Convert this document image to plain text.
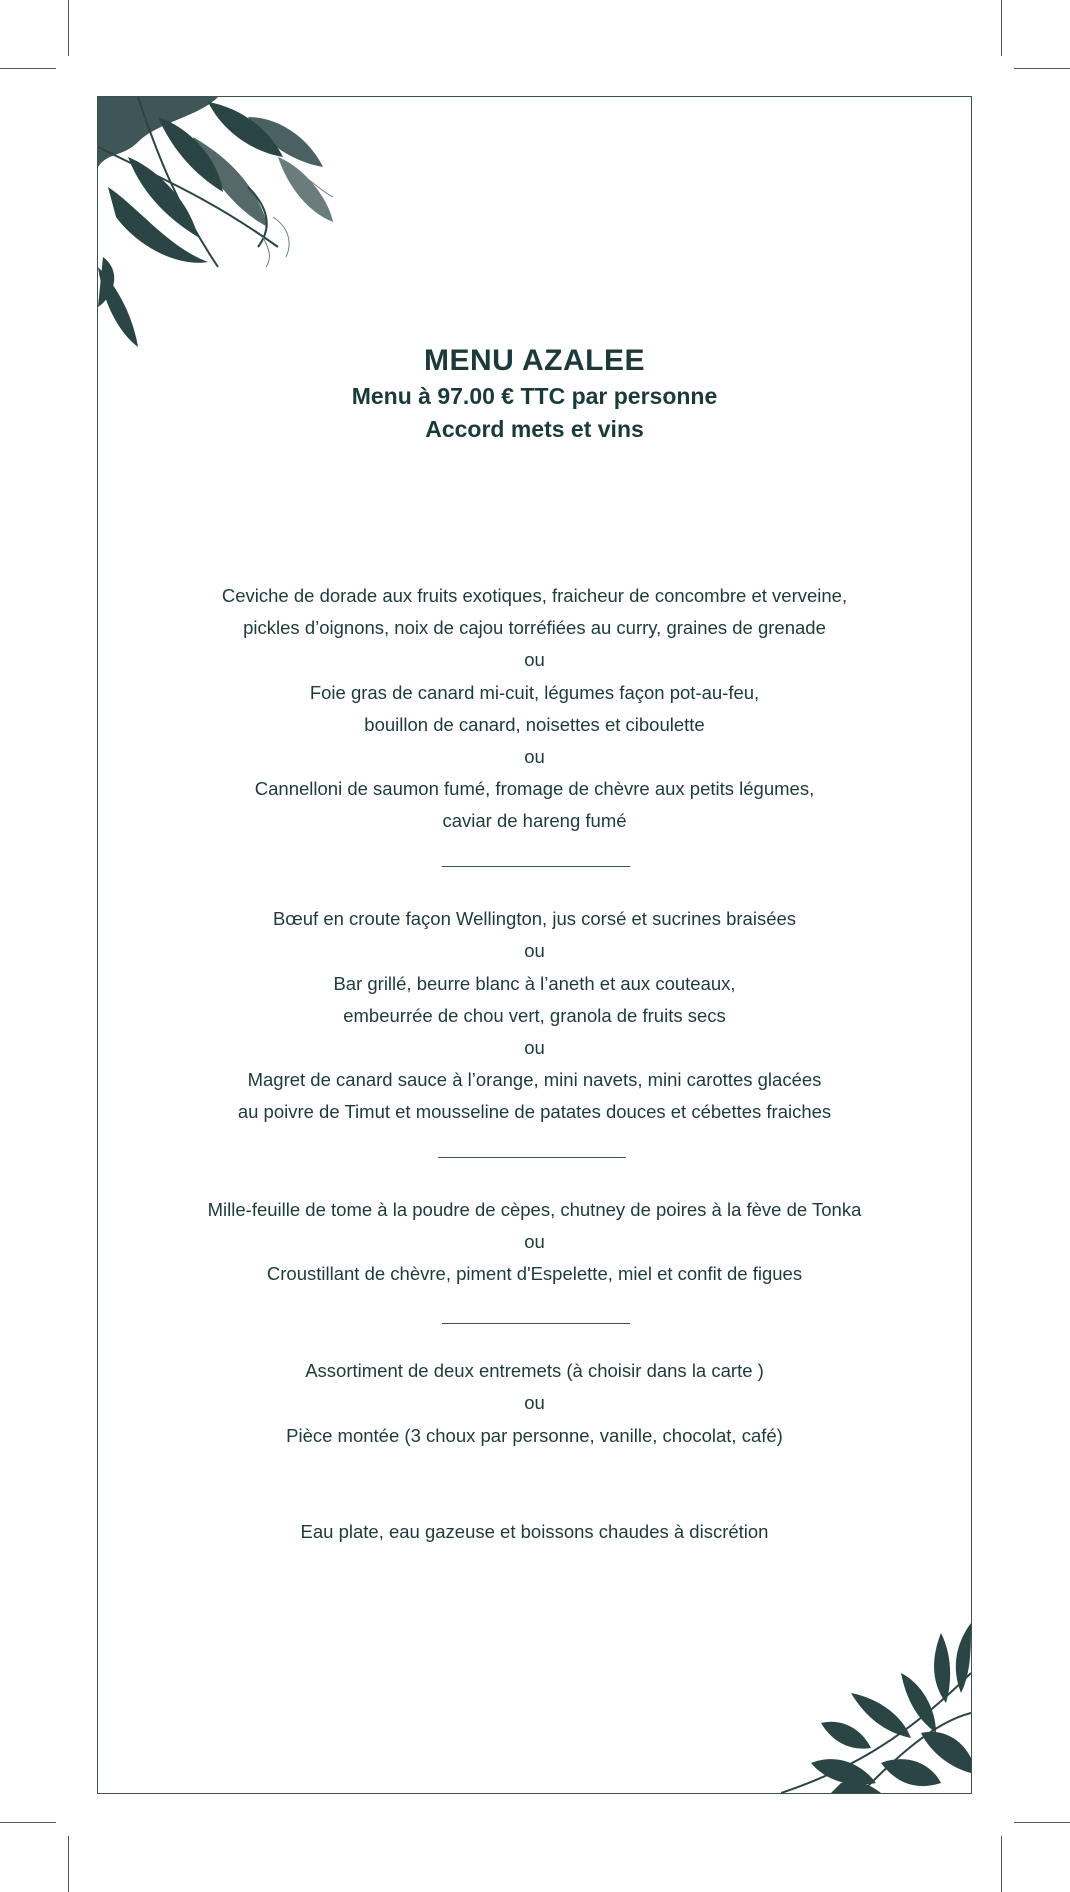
MENU AZALEE
Menu à 97.00 € TTC par personne
Accord mets et vins
Ceviche de dorade aux fruits exotiques, fraicheur de concombre et verveine,
pickles d’oignons, noix de cajou torréfiées au curry, graines de grenade
ou
Foie gras de canard mi-cuit, légumes façon pot-au-feu,
bouillon de canard, noisettes et ciboulette
ou
Cannelloni de saumon fumé, fromage de chèvre aux petits légumes,
caviar de hareng fumé
Bœuf en croute façon Wellington, jus corsé et sucrines braisées
ou
Bar grillé, beurre blanc à l’aneth et aux couteaux,
embeurrée de chou vert, granola de fruits secs
ou
Magret de canard sauce à l’orange, mini navets, mini carottes glacées
au poivre de Timut et mousseline de patates douces et cébettes fraiches
Mille-feuille de tome à la poudre de cèpes, chutney de poires à la fève de Tonka
ou
Croustillant de chèvre, piment d'Espelette, miel et confit de figues
Assortiment de deux entremets (à choisir dans la carte )
ou
Pièce montée (3 choux par personne, vanille, chocolat, café)
Eau plate, eau gazeuse et boissons chaudes à discrétion
